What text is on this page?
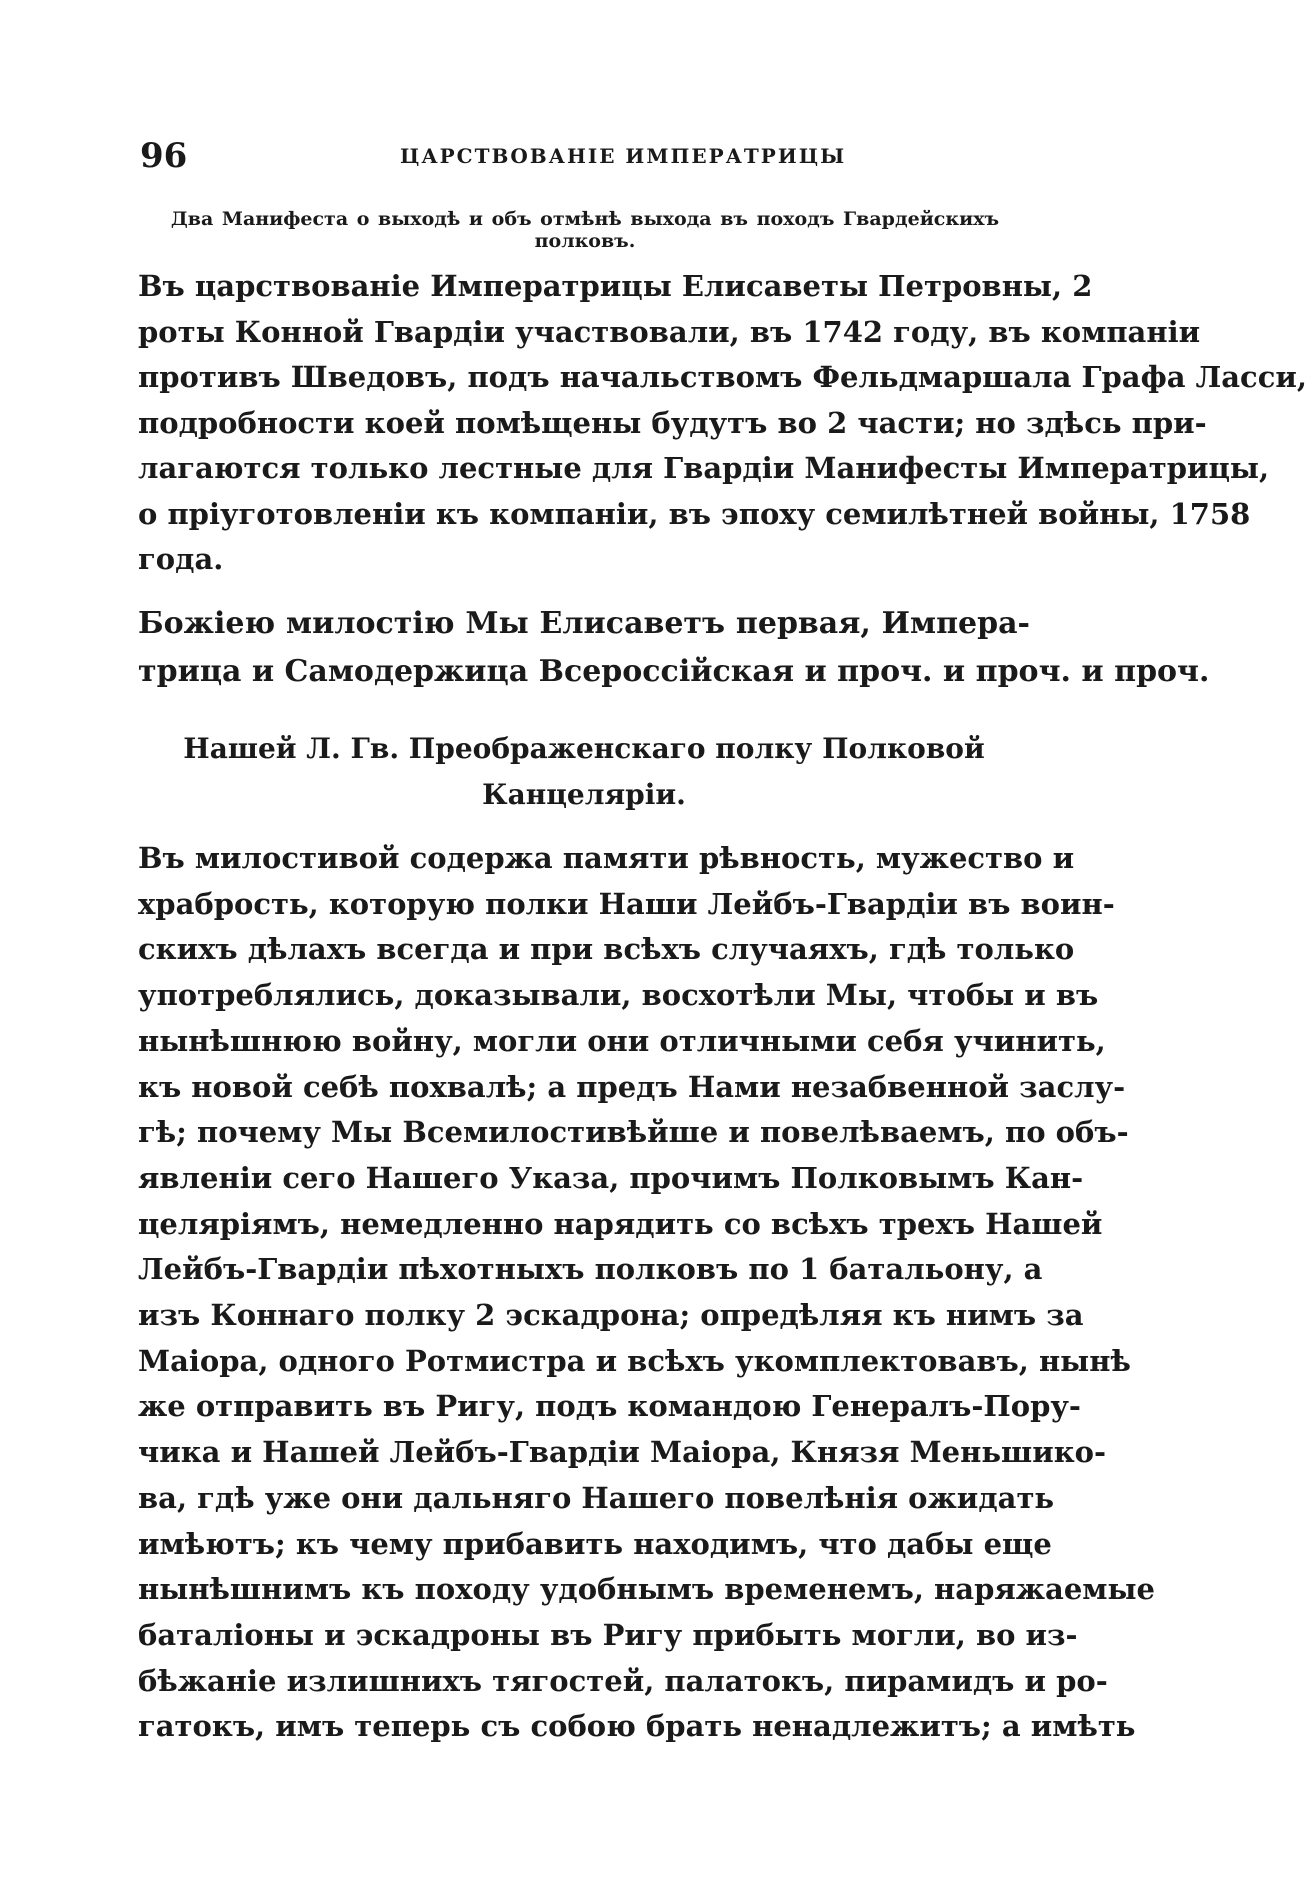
96	ЦАРСТВОВАНІЕ ИМПЕРАТРИЦЫ
Два Манифеста о выходѣ и объ отмѣнѣ выхода въ походъ Гвардейскихъ полковъ.
Въ царствованіе Императрицы Елисаветы Петровны, 2
роты Конной Гвардіи участвовали, въ 1742 году, въ компаніи
противъ Шведовъ, подъ начальствомъ Фельдмаршала Графа Ласси,
подробности коей помѣщены будутъ во 2 части; но здѣсь при-
лагаются только лестные для Гвардіи Манифесты Императрицы,
о пріуготовленіи къ компаніи, въ эпоху семилѣтней войны, 1758
года.
Божіею милостію Мы Елисаветъ первая, Импера-
трица и Самодержица Всероссійская и проч. и проч. и проч.
Нашей Л. Гв. Преображенскаго полку Полковой
Канцеляріи.
Въ милостивой содержа памяти рѣвность, мужество и
храбрость, которую полки Наши Лейбъ-Гвардіи въ воин-
скихъ дѣлахъ всегда и при всѣхъ случаяхъ, гдѣ только
употреблялись, доказывали, восхотѣли Мы, чтобы и въ
нынѣшнюю войну, могли они отличными себя учинить,
къ новой себѣ похвалѣ; а предъ Нами незабвенной заслу-
гѣ; почему Мы Всемилостивѣйше и повелѣваемъ, по объ-
явленіи сего Нашего Указа, прочимъ Полковымъ Кан-
целяріямъ, немедленно нарядить со всѣхъ трехъ Нашей
Лейбъ-Гвардіи пѣхотныхъ полковъ по 1 батальону, а
изъ Коннаго полку 2 эскадрона; опредѣляя къ нимъ за
Маіора, одного Ротмистра и всѣхъ укомплектовавъ, нынѣ
же отправить въ Ригу, подъ командою Генералъ-Пору-
чика и Нашей Лейбъ-Гвардіи Маіора, Князя Меньшико-
ва, гдѣ уже они дальняго Нашего повелѣнія ожидать
имѣютъ; къ чему прибавить находимъ, что дабы еще
нынѣшнимъ къ походу удобнымъ временемъ, наряжаемые
баталіоны и эскадроны въ Ригу прибыть могли, во из-
бѣжаніе излишнихъ тягостей, палатокъ, пирамидъ и ро-
гатокъ, имъ теперь съ собою брать ненадлежитъ; а имѣть
